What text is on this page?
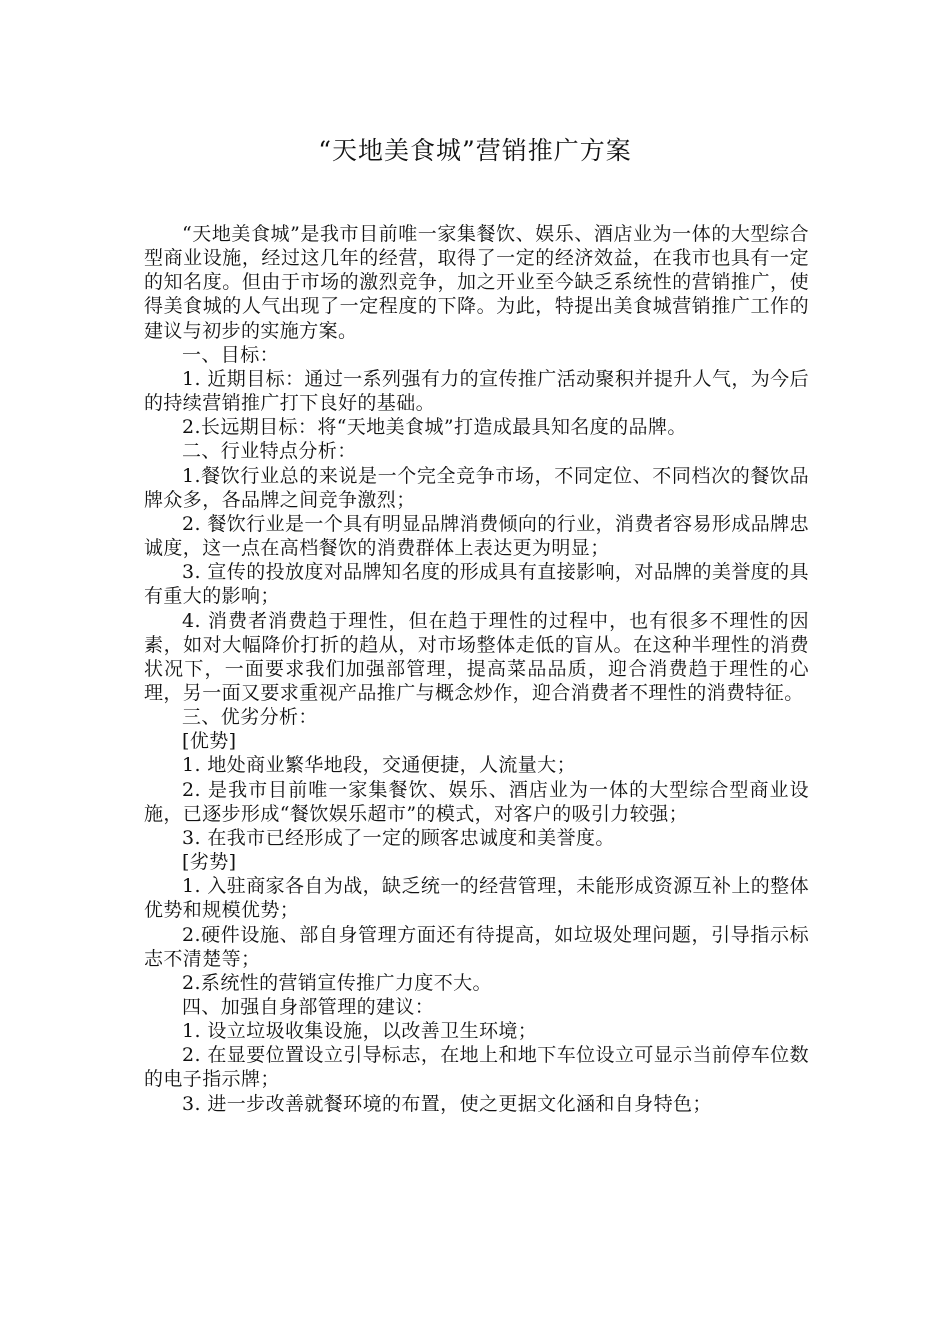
“天地美食城”营销推广方案

“天地美食城”是我市目前唯一家集餐饮、娱乐、酒店业为一体的大型综合型商业设施，经过这几年的经营，取得了一定的经济效益，在我市也具有一定的知名度。但由于市场的激烈竞争，加之开业至今缺乏系统性的营销推广，使得美食城的人气出现了一定程度的下降。为此，特提出美食城营销推广工作的建议与初步的实施方案。

一、目标：

1. 近期目标：通过一系列强有力的宣传推广活动聚积并提升人气，为今后的持续营销推广打下良好的基础。

2.长远期目标：将“天地美食城”打造成最具知名度的品牌。

二、行业特点分析：

1.餐饮行业总的来说是一个完全竞争市场，不同定位、不同档次的餐饮品牌众多，各品牌之间竞争激烈；

2. 餐饮行业是一个具有明显品牌消费倾向的行业，消费者容易形成品牌忠诚度，这一点在高档餐饮的消费群体上表达更为明显；

3. 宣传的投放度对品牌知名度的形成具有直接影响，对品牌的美誉度的具有重大的影响；

4. 消费者消费趋于理性，但在趋于理性的过程中，也有很多不理性的因素，如对大幅降价打折的趋从，对市场整体走低的盲从。在这种半理性的消费状况下，一面要求我们加强部管理，提高菜品品质，迎合消费趋于理性的心理，另一面又要求重视产品推广与概念炒作，迎合消费者不理性的消费特征。

三、优劣分析：

[优势]

1. 地处商业繁华地段，交通便捷，人流量大；

2. 是我市目前唯一家集餐饮、娱乐、酒店业为一体的大型综合型商业设施，已逐步形成“餐饮娱乐超市”的模式，对客户的吸引力较强；

3. 在我市已经形成了一定的顾客忠诚度和美誉度。

[劣势]

1. 入驻商家各自为战，缺乏统一的经营管理，未能形成资源互补上的整体优势和规模优势；

2.硬件设施、部自身管理方面还有待提高，如垃圾处理问题，引导指示标志不清楚等；

2.系统性的营销宣传推广力度不大。

四、加强自身部管理的建议：

1. 设立垃圾收集设施，以改善卫生环境；

2. 在显要位置设立引导标志，在地上和地下车位设立可显示当前停车位数的电子指示牌；

3. 进一步改善就餐环境的布置，使之更据文化涵和自身特色；
